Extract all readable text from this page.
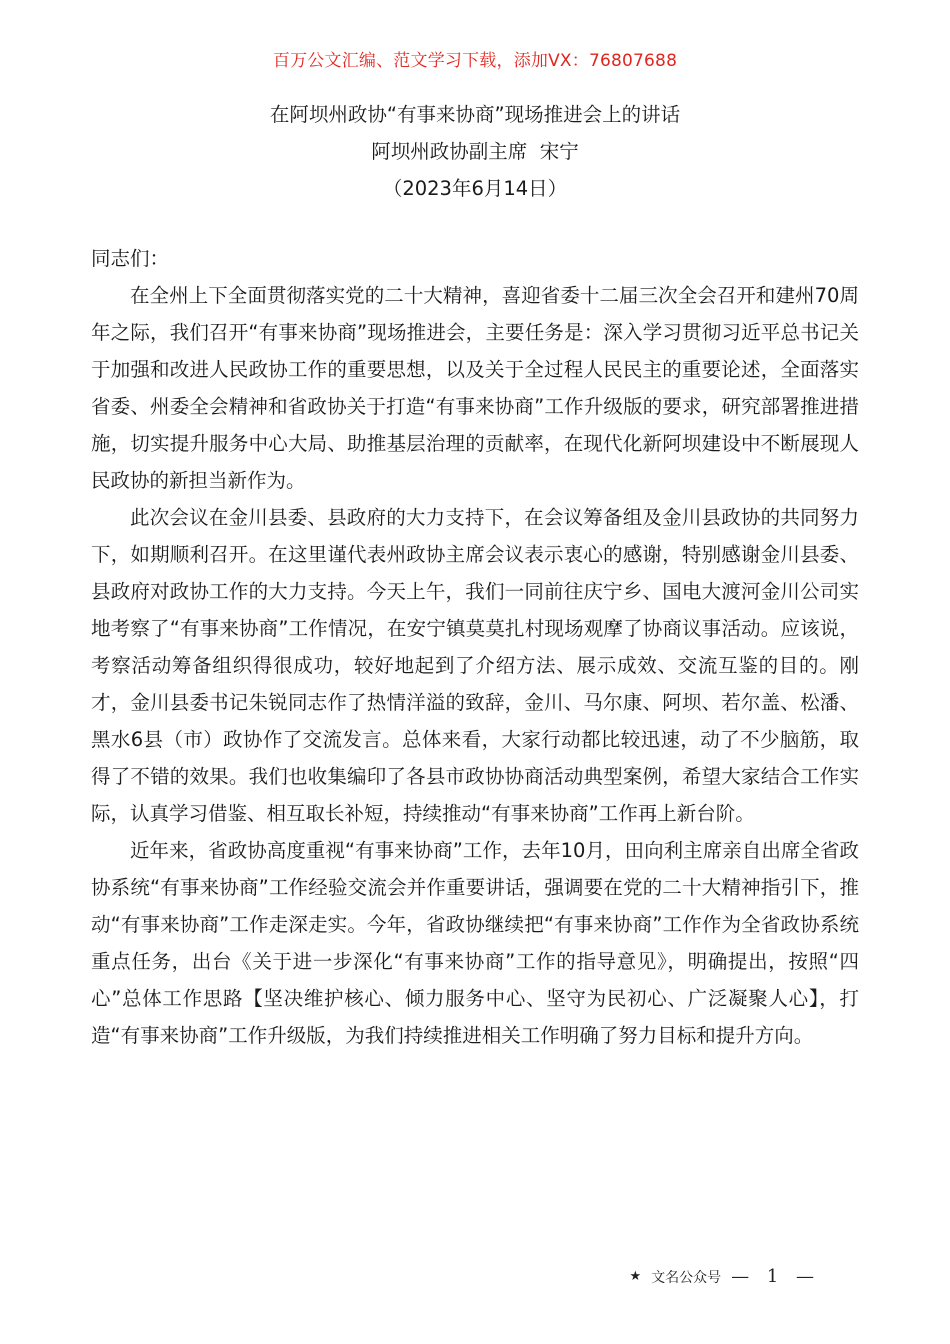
百万公文汇编、范文学习下载，添加VX：76807688
在阿坝州政协“有事来协商”现场推进会上的讲话
阿坝州政协副主席  宋宁
（2023年6月14日）

同志们：

在全州上下全面贯彻落实党的二十大精神，喜迎省委十二届三次全会召开和建州70周年之际，我们召开“有事来协商”现场推进会，主要任务是：深入学习贯彻习近平总书记关于加强和改进人民政协工作的重要思想，以及关于全过程人民民主的重要论述，全面落实省委、州委全会精神和省政协关于打造“有事来协商”工作升级版的要求，研究部署推进措施，切实提升服务中心大局、助推基层治理的贡献率，在现代化新阿坝建设中不断展现人民政协的新担当新作为。

此次会议在金川县委、县政府的大力支持下，在会议筹备组及金川县政协的共同努力下，如期顺利召开。在这里谨代表州政协主席会议表示衷心的感谢，特别感谢金川县委、县政府对政协工作的大力支持。今天上午，我们一同前往庆宁乡、国电大渡河金川公司实地考察了“有事来协商”工作情况，在安宁镇莫莫扎村现场观摩了协商议事活动。应该说，考察活动筹备组织得很成功，较好地起到了介绍方法、展示成效、交流互鉴的目的。刚才，金川县委书记朱锐同志作了热情洋溢的致辞，金川、马尔康、阿坝、若尔盖、松潘、黑水6县（市）政协作了交流发言。总体来看，大家行动都比较迅速，动了不少脑筋，取得了不错的效果。我们也收集编印了各县市政协协商活动典型案例，希望大家结合工作实际，认真学习借鉴、相互取长补短，持续推动“有事来协商”工作再上新台阶。

近年来，省政协高度重视“有事来协商”工作，去年10月，田向利主席亲自出席全省政协系统“有事来协商”工作经验交流会并作重要讲话，强调要在党的二十大精神指引下，推动“有事来协商”工作走深走实。今年，省政协继续把“有事来协商”工作作为全省政协系统重点任务，出台《关于进一步深化“有事来协商”工作的指导意见》，明确提出，按照“四心”总体工作思路【坚决维护核心、倾力服务中心、坚守为民初心、广泛凝聚人心】，打造“有事来协商”工作升级版，为我们持续推进相关工作明确了努力目标和提升方向。

★ 文名公众号 — 1 —
